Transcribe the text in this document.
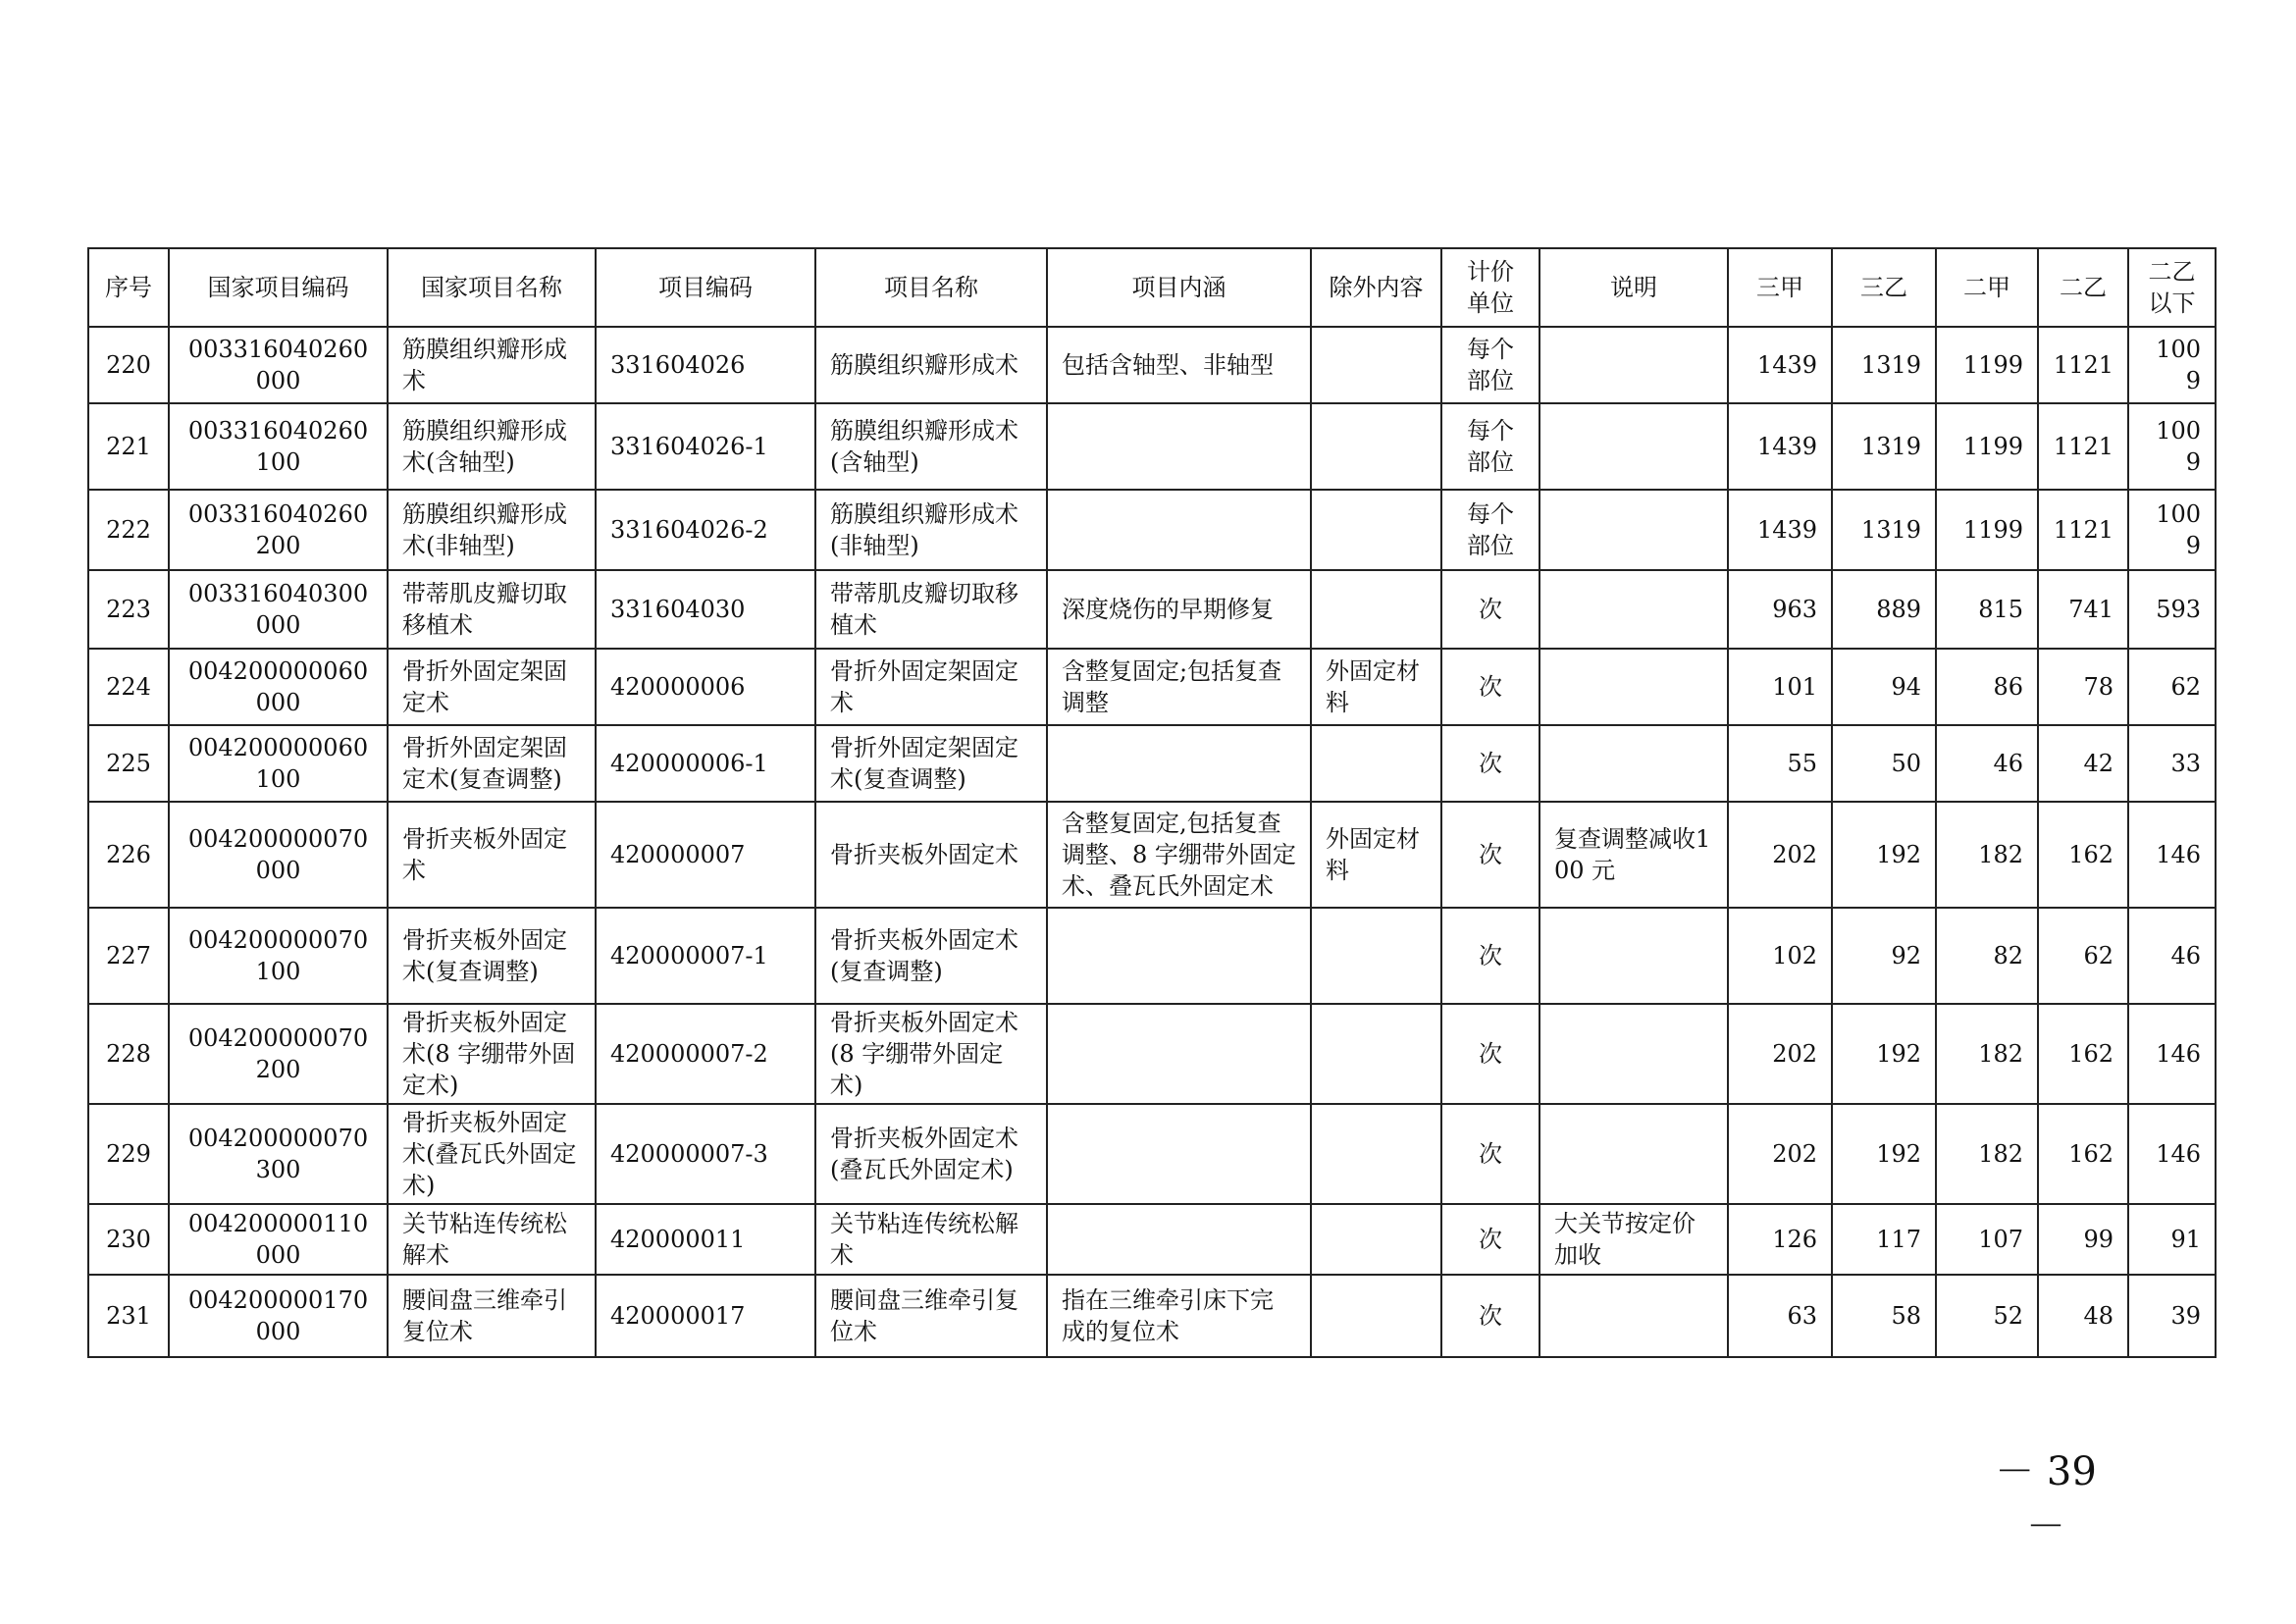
序号	国家项目编码	国家项目名称	项目编码	项目名称	项目内涵	除外内容	计价单位	说明	三甲	三乙	二甲	二乙	二乙以下
220	003316040260000	筋膜组织瓣形成术	331604026	筋膜组织瓣形成术	包括含轴型、非轴型		每个部位		1439	1319	1199	1121	1009
221	003316040260100	筋膜组织瓣形成术(含轴型)	331604026-1	筋膜组织瓣形成术(含轴型)			每个部位		1439	1319	1199	1121	1009
222	003316040260200	筋膜组织瓣形成术(非轴型)	331604026-2	筋膜组织瓣形成术(非轴型)			每个部位		1439	1319	1199	1121	1009
223	003316040300000	带蒂肌皮瓣切取移植术	331604030	带蒂肌皮瓣切取移植术	深度烧伤的早期修复		次		963	889	815	741	593
224	004200000060000	骨折外固定架固定术	420000006	骨折外固定架固定术	含整复固定;包括复查调整	外固定材料	次		101	94	86	78	62
225	004200000060100	骨折外固定架固定术(复查调整)	420000006-1	骨折外固定架固定术(复查调整)			次		55	50	46	42	33
226	004200000070000	骨折夹板外固定术	420000007	骨折夹板外固定术	含整复固定,包括复查调整、8 字绷带外固定术、叠瓦氏外固定术	外固定材料	次	复查调整减收100 元	202	192	182	162	146
227	004200000070100	骨折夹板外固定术(复查调整)	420000007-1	骨折夹板外固定术(复查调整)			次		102	92	82	62	46
228	004200000070200	骨折夹板外固定术(8 字绷带外固定术)	420000007-2	骨折夹板外固定术(8 字绷带外固定术)			次		202	192	182	162	146
229	004200000070300	骨折夹板外固定术(叠瓦氏外固定术)	420000007-3	骨折夹板外固定术(叠瓦氏外固定术)			次		202	192	182	162	146
230	004200000110000	关节粘连传统松解术	420000011	关节粘连传统松解术			次	大关节按定价加收	126	117	107	99	91
231	004200000170000	腰间盘三维牵引复位术	420000017	腰间盘三维牵引复位术	指在三维牵引床下完成的复位术		次		63	58	52	48	39
－ 39 －
